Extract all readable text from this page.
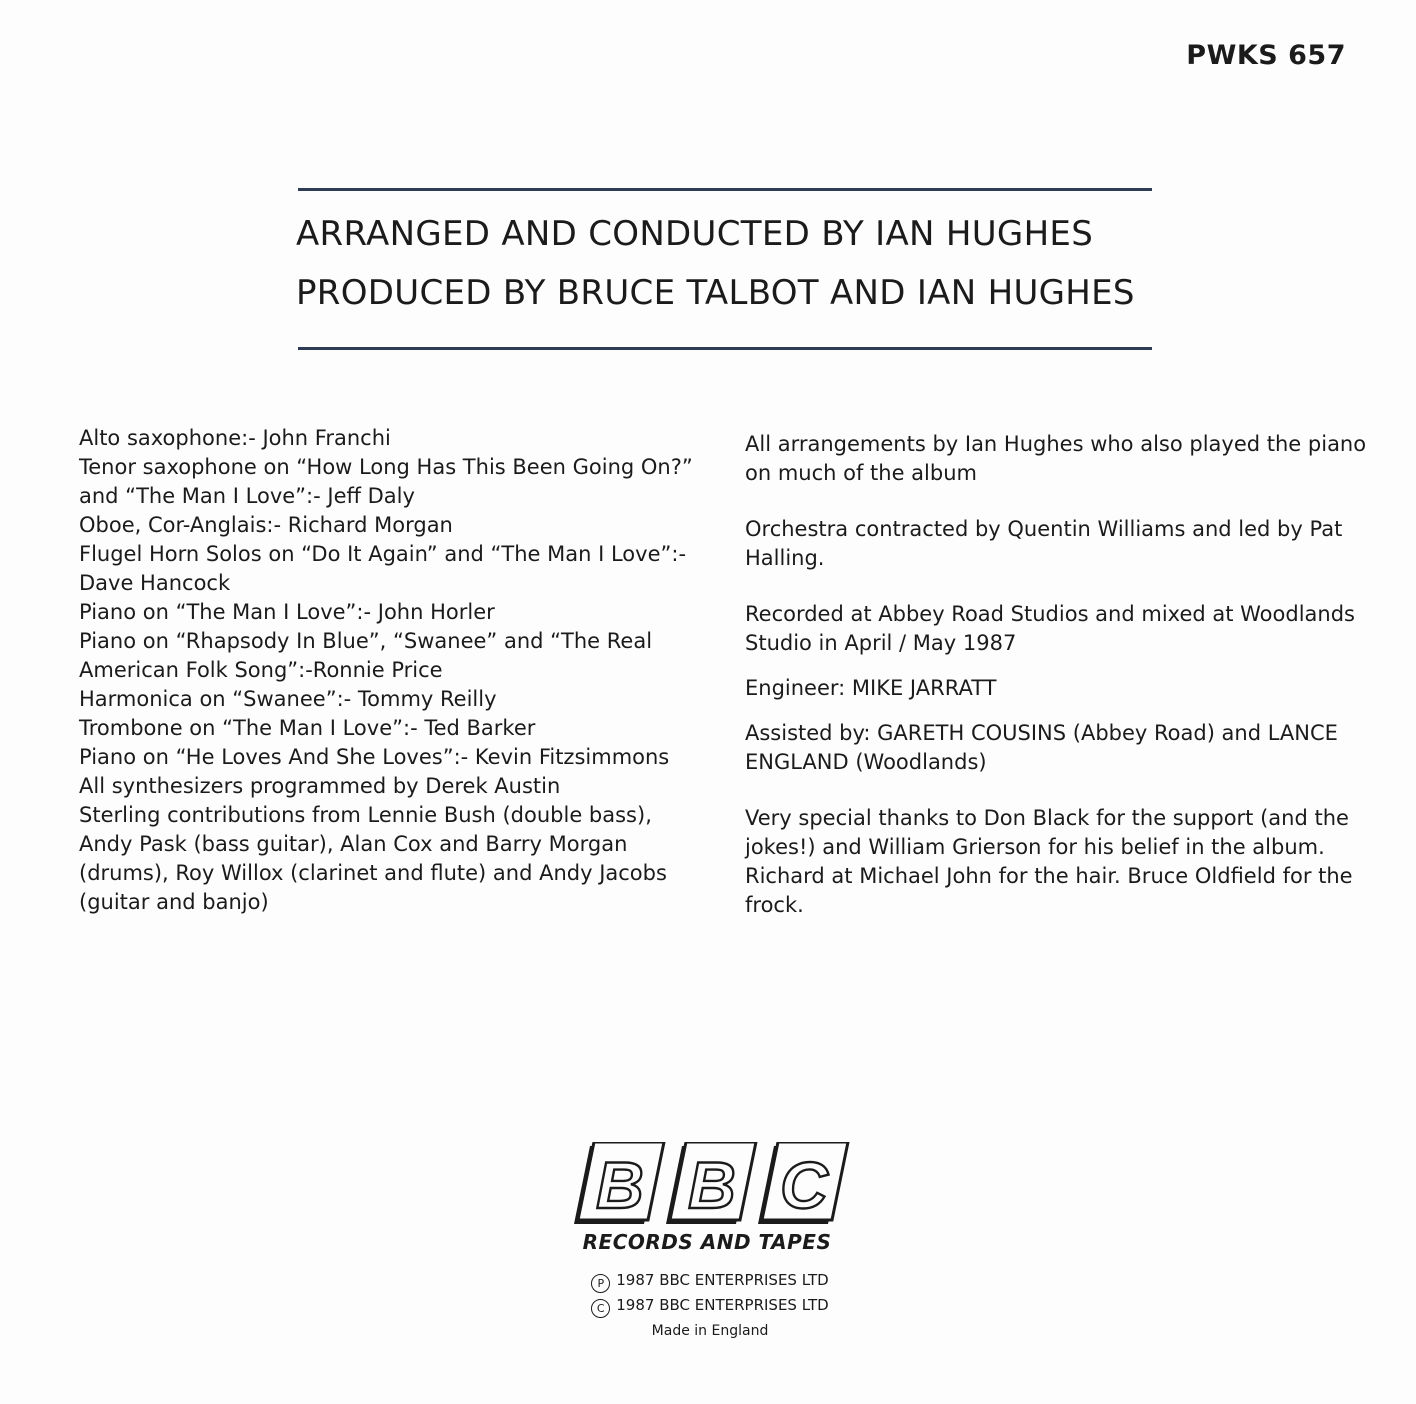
PWKS 657
ARRANGED AND CONDUCTED BY IAN HUGHES
PRODUCED BY BRUCE TALBOT AND IAN HUGHES

Alto saxophone:- John Franchi

Tenor saxophone on “How Long Has This Been Going On?”

and “The Man I Love”:- Jeff Daly

Oboe, Cor-Anglais:- Richard Morgan

Flugel Horn Solos on “Do It Again” and “The Man I Love”:-

Dave Hancock

Piano on “The Man I Love”:- John Horler

Piano on “Rhapsody In Blue”, “Swanee” and “The Real

American Folk Song”:-Ronnie Price

Harmonica on “Swanee”:- Tommy Reilly

Trombone on “The Man I Love”:- Ted Barker

Piano on “He Loves And She Loves”:- Kevin Fitzsimmons

All synthesizers programmed by Derek Austin

Sterling contributions from Lennie Bush (double bass),

Andy Pask (bass guitar), Alan Cox and Barry Morgan

(drums), Roy Willox (clarinet and flute) and Andy Jacobs

(guitar and banjo)

All arrangements by Ian Hughes who also played the piano on much of the album

Orchestra contracted by Quentin Williams and led by Pat Halling.

Recorded at Abbey Road Studios and mixed at Woodlands Studio in April / May 1987

Engineer: MIKE JARRATT

Assisted by: GARETH COUSINS (Abbey Road) and LANCE ENGLAND (Woodlands)

Very special thanks to Don Black for the support (and the jokes!) and William Grierson for his belief in the album. Richard at Michael John for the hair. Bruce Oldfield for the frock.

B B C
RECORDS AND TAPES
P 1987 BBC ENTERPRISES LTD
C 1987 BBC ENTERPRISES LTD
Made in England
